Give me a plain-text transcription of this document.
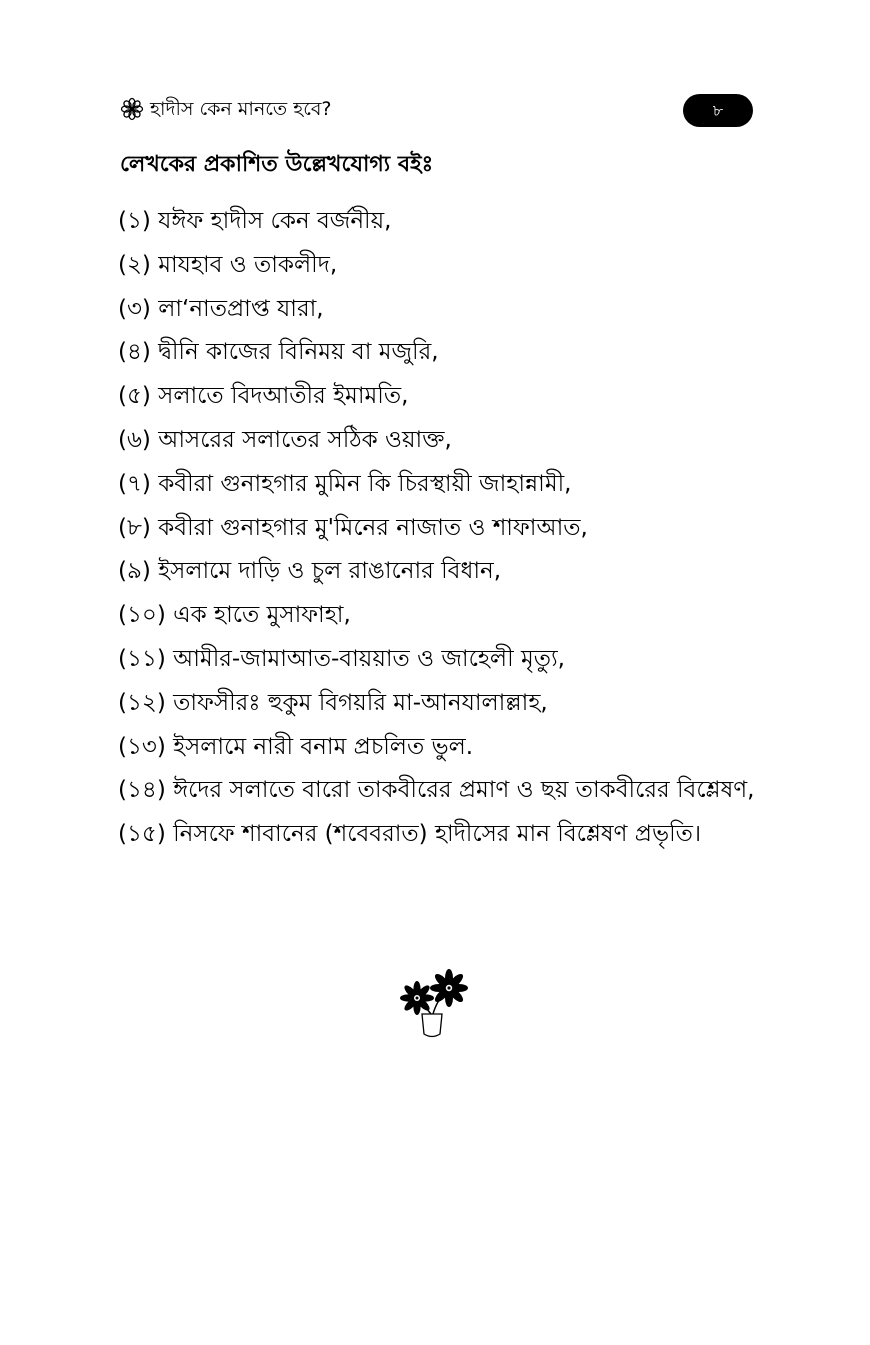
হাদীস কেন মানতে হবে?	৮
লেখকের প্রকাশিত উল্লেখযোগ্য বইঃ
(১) যঈফ হাদীস কেন বর্জনীয়,
(২) মাযহাব ও তাকলীদ,
(৩) লা‘নাতপ্রাপ্ত যারা,
(৪) দ্বীনি কাজের বিনিময় বা মজুরি,
(৫) সলাতে বিদআতীর ইমামতি,
(৬) আসরের সলাতের সঠিক ওয়াক্ত,
(৭) কবীরা গুনাহগার মুমিন কি চিরস্থায়ী জাহান্নামী,
(৮) কবীরা গুনাহগার মু'মিনের নাজাত ও শাফাআত,
(৯) ইসলামে দাড়ি ও চুল রাঙানোর বিধান,
(১০) এক হাতে মুসাফাহা,
(১১) আমীর-জামাআত-বায়য়াত ও জাহেলী মৃত্যু,
(১২) তাফসীরঃ হুকুম বিগয়রি মা-আনযালাল্লাহ,
(১৩) ইসলামে নারী বনাম প্রচলিত ভুল.
(১৪) ঈদের সলাতে বারো তাকবীরের প্রমাণ ও ছয় তাকবীরের বিশ্লেষণ,
(১৫) নিসফে শাবানের (শবেবরাত) হাদীসের মান বিশ্লেষণ প্রভৃতি।
